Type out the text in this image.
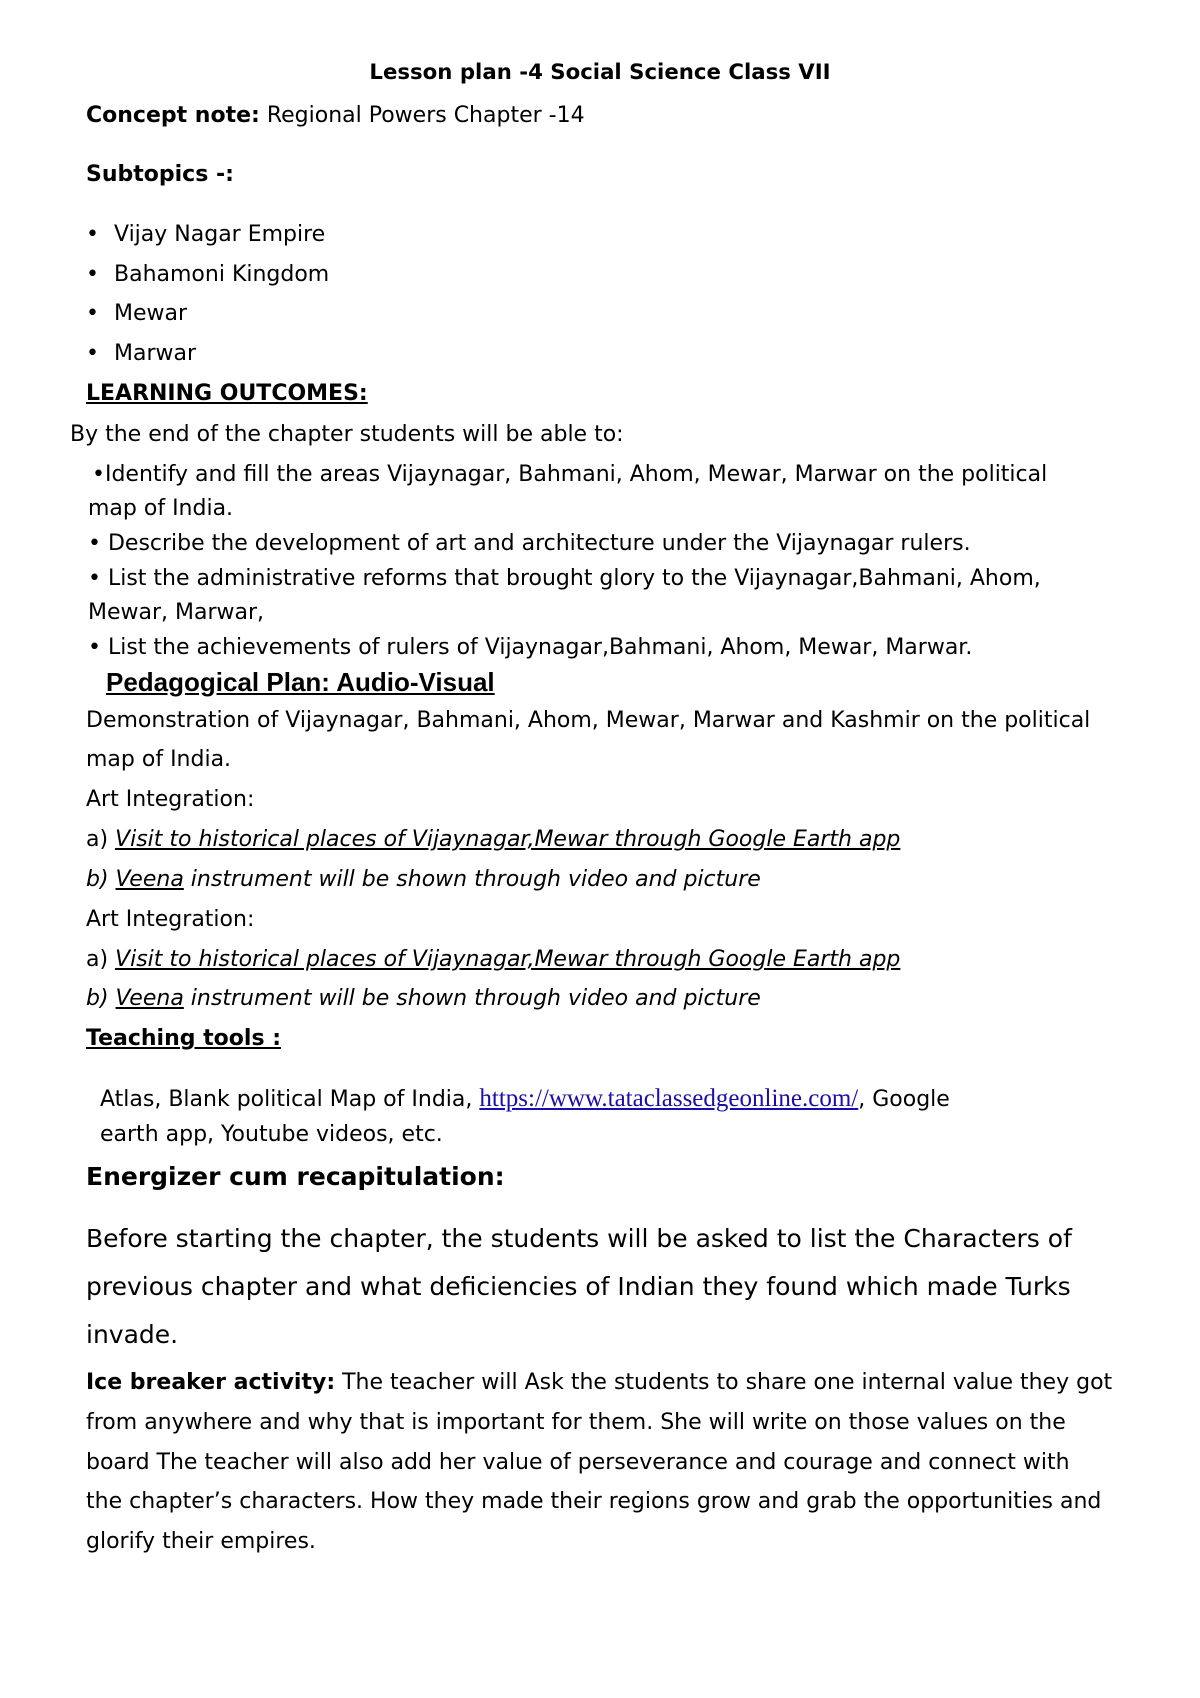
Lesson plan -4 Social Science Class VII
Concept note: Regional Powers Chapter -14
Subtopics -:
• Vijay Nagar Empire
• Bahamoni Kingdom
• Mewar
• Marwar
LEARNING OUTCOMES:
By the end of the chapter students will be able to:
•Identify and fill the areas Vijaynagar, Bahmani, Ahom, Mewar, Marwar on the political
map of India.
• Describe the development of art and architecture under the Vijaynagar rulers.
• List the administrative reforms that brought glory to the Vijaynagar,Bahmani, Ahom,
Mewar, Marwar,
• List the achievements of rulers of Vijaynagar,Bahmani, Ahom, Mewar, Marwar.
Pedagogical Plan: Audio-Visual
Demonstration of Vijaynagar, Bahmani, Ahom, Mewar, Marwar and Kashmir on the political
map of India.
Art Integration:
a) Visit to historical places of Vijaynagar,Mewar through Google Earth app
b) Veena instrument will be shown through video and picture
Art Integration:
a) Visit to historical places of Vijaynagar,Mewar through Google Earth app
b) Veena instrument will be shown through video and picture
Teaching tools :
Atlas, Blank political Map of India, https://www.tataclassedgeonline.com/, Google
earth app, Youtube videos, etc.
Energizer cum recapitulation:
Before starting the chapter, the students will be asked to list the Characters of
previous chapter and what deficiencies of Indian they found which made Turks
invade.
Ice breaker activity: The teacher will Ask the students to share one internal value they got
from anywhere and why that is important for them. She will write on those values on the
board The teacher will also add her value of perseverance and courage and connect with
the chapter’s characters. How they made their regions grow and grab the opportunities and
glorify their empires.
